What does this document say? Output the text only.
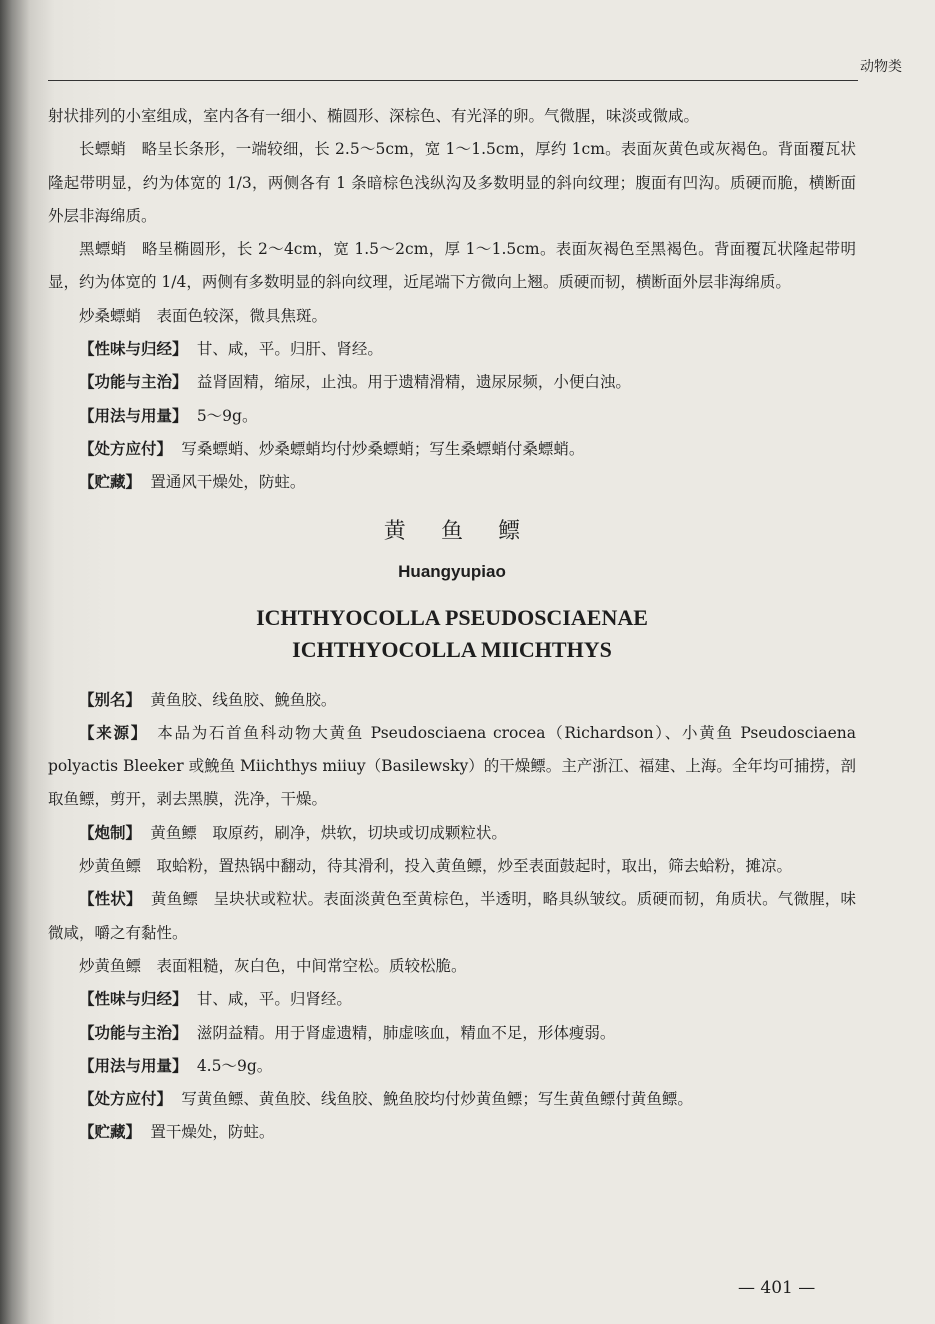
动物类

射状排列的小室组成，室内各有一细小、椭圆形、深棕色、有光泽的卵。气微腥，味淡或微咸。

长螵蛸 略呈长条形，一端较细，长 2.5～5cm，宽 1～1.5cm，厚约 1cm。表面灰黄色或灰褐色。背面覆瓦状隆起带明显，约为体宽的 1/3，两侧各有 1 条暗棕色浅纵沟及多数明显的斜向纹理；腹面有凹沟。质硬而脆，横断面外层非海绵质。

黑螵蛸 略呈椭圆形，长 2～4cm，宽 1.5～2cm，厚 1～1.5cm。表面灰褐色至黑褐色。背面覆瓦状隆起带明显，约为体宽的 1/4，两侧有多数明显的斜向纹理，近尾端下方微向上翘。质硬而韧，横断面外层非海绵质。

炒桑螵蛸 表面色较深，微具焦斑。

【性味与归经】 甘、咸，平。归肝、肾经。

【功能与主治】 益肾固精，缩尿，止浊。用于遗精滑精，遗尿尿频，小便白浊。

【用法与用量】 5～9g。

【处方应付】 写桑螵蛸、炒桑螵蛸均付炒桑螵蛸；写生桑螵蛸付桑螵蛸。

【贮藏】 置通风干燥处，防蛀。

黄鱼鳔
Huangyupiao
ICHTHYOCOLLA PSEUDOSCIAENAE
ICHTHYOCOLLA MIICHTHYS

【别名】 黄鱼胶、线鱼胶、鮸鱼胶。

【来源】 本品为石首鱼科动物大黄鱼 Pseudosciaena crocea（Richardson）、小黄鱼 Pseudosciaena polyactis Bleeker 或鮸鱼 Miichthys miiuy（Basilewsky）的干燥鳔。主产浙江、福建、上海。全年均可捕捞，剖取鱼鳔，剪开，剥去黑膜，洗净，干燥。

【炮制】 黄鱼鳔 取原药，刷净，烘软，切块或切成颗粒状。

炒黄鱼鳔 取蛤粉，置热锅中翻动，待其滑利，投入黄鱼鳔，炒至表面鼓起时，取出，筛去蛤粉，摊凉。

【性状】 黄鱼鳔 呈块状或粒状。表面淡黄色至黄棕色，半透明，略具纵皱纹。质硬而韧，角质状。气微腥，味微咸，嚼之有黏性。

炒黄鱼鳔 表面粗糙，灰白色，中间常空松。质较松脆。

【性味与归经】 甘、咸，平。归肾经。

【功能与主治】 滋阴益精。用于肾虚遗精，肺虚咳血，精血不足，形体瘦弱。

【用法与用量】 4.5～9g。

【处方应付】 写黄鱼鳔、黄鱼胶、线鱼胶、鮸鱼胶均付炒黄鱼鳔；写生黄鱼鳔付黄鱼鳔。

【贮藏】 置干燥处，防蛀。

— 401 —
